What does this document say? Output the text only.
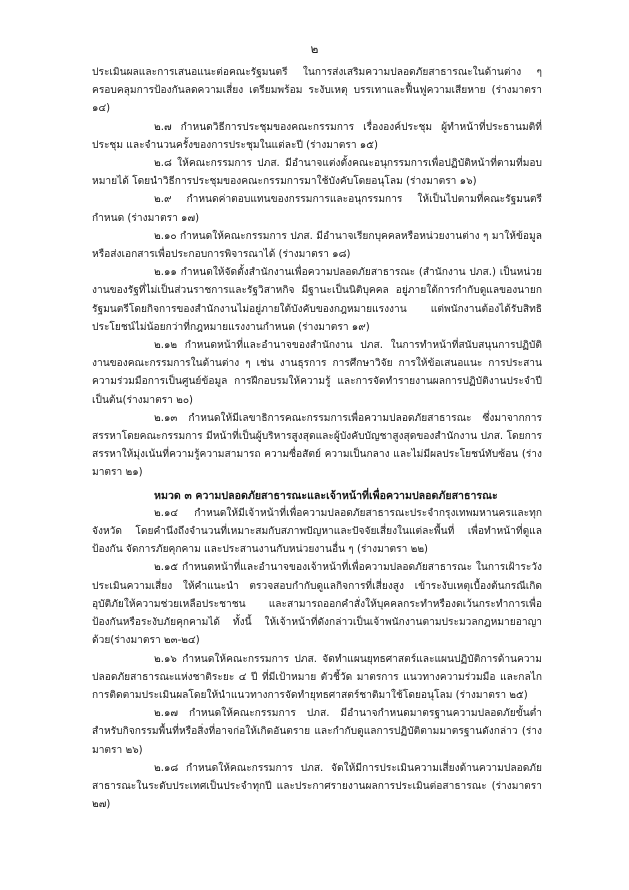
๒

ประเมินผลและการเสนอแนะต่อคณะรัฐมนตรี ในการส่งเสริมความปลอดภัยสาธารณะในด้านต่าง ๆ ครอบคลุมการป้องกันลดความเสี่ยง เตรียมพร้อม ระงับเหตุ บรรเทาและฟื้นฟูความเสียหาย (ร่างมาตรา ๑๔)

๒.๗ กำหนดวิธีการประชุมของคณะกรรมการ เรื่ององค์ประชุม ผู้ทำหน้าที่ประธานมติที่ประชุม และจำนวนครั้งของการประชุมในแต่ละปี (ร่างมาตรา ๑๕)

๒.๘ ให้คณะกรรมการ ปภส. มีอำนาจแต่งตั้งคณะอนุกรรมการเพื่อปฏิบัติหน้าที่ตามที่มอบหมายได้ โดยนำวิธีการประชุมของคณะกรรมการมาใช้บังคับโดยอนุโลม (ร่างมาตรา ๑๖)

๒.๙ กำหนดค่าตอบแทนของกรรมการและอนุกรรมการ ให้เป็นไปตามที่คณะรัฐมนตรีกำหนด (ร่างมาตรา ๑๗)

๒.๑๐ กำหนดให้คณะกรรมการ ปภส. มีอำนาจเรียกบุคคลหรือหน่วยงานต่าง ๆ มาให้ข้อมูลหรือส่งเอกสารเพื่อประกอบการพิจารณาได้ (ร่างมาตรา ๑๘)

๒.๑๑ กำหนดให้จัดตั้งสำนักงานเพื่อความปลอดภัยสาธารณะ (สำนักงาน ปภส.) เป็นหน่วยงานของรัฐที่ไม่เป็นส่วนราชการและรัฐวิสาหกิจ มีฐานะเป็นนิติบุคคล อยู่ภายใต้การกำกับดูแลของนายกรัฐมนตรีโดยกิจการของสำนักงานไม่อยู่ภายใต้บังคับของกฎหมายแรงงาน แต่พนักงานต้องได้รับสิทธิประโยชน์ไม่น้อยกว่าที่กฎหมายแรงงานกำหนด (ร่างมาตรา ๑๙)

๒.๑๒ กำหนดหน้าที่และอำนาจของสำนักงาน ปภส. ในการทำหน้าที่สนับสนุนการปฏิบัติงานของคณะกรรมการในด้านต่าง ๆ เช่น งานธุรการ การศึกษาวิจัย การให้ข้อเสนอแนะ การประสานความร่วมมือการเป็นศูนย์ข้อมูล การฝึกอบรมให้ความรู้ และการจัดทำรายงานผลการปฏิบัติงานประจำปี เป็นต้น(ร่างมาตรา ๒๐)

๒.๑๓ กำหนดให้มีเลขาธิการคณะกรรมการเพื่อความปลอดภัยสาธารณะ ซึ่งมาจากการสรรหาโดยคณะกรรมการ มีหน้าที่เป็นผู้บริหารสูงสุดและผู้บังคับบัญชาสูงสุดของสำนักงาน ปภส. โดยการสรรหาให้มุ่งเน้นที่ความรู้ความสามารถ ความซื่อสัตย์ ความเป็นกลาง และไม่มีผลประโยชน์ทับซ้อน (ร่างมาตรา ๒๑)

หมวด ๓ ความปลอดภัยสาธารณะและเจ้าหน้าที่เพื่อความปลอดภัยสาธารณะ

๒.๑๔ กำหนดให้มีเจ้าหน้าที่เพื่อความปลอดภัยสาธารณะประจำกรุงเทพมหานครและทุกจังหวัด โดยคำนึงถึงจำนวนที่เหมาะสมกับสภาพปัญหาและปัจจัยเสี่ยงในแต่ละพื้นที่ เพื่อทำหน้าที่ดูแล ป้องกัน จัดการภัยคุกคาม และประสานงานกับหน่วยงานอื่น ๆ (ร่างมาตรา ๒๒)

๒.๑๕ กำหนดหน้าที่และอำนาจของเจ้าหน้าที่เพื่อความปลอดภัยสาธารณะ ในการเฝ้าระวังประเมินความเสี่ยง ให้คำแนะนำ ตรวจสอบกำกับดูแลกิจการที่เสี่ยงสูง เข้าระงับเหตุเบื้องต้นกรณีเกิดอุบัติภัยให้ความช่วยเหลือประชาชน และสามารถออกคำสั่งให้บุคคลกระทำหรืองดเว้นกระทำการเพื่อป้องกันหรือระงับภัยคุกคามได้ ทั้งนี้ ให้เจ้าหน้าที่ดังกล่าวเป็นเจ้าพนักงานตามประมวลกฎหมายอาญาด้วย(ร่างมาตรา ๒๓-๒๔)

๒.๑๖ กำหนดให้คณะกรรมการ ปภส. จัดทำแผนยุทธศาสตร์และแผนปฏิบัติการด้านความปลอดภัยสาธารณะแห่งชาติระยะ ๔ ปี ที่มีเป้าหมาย ตัวชี้วัด มาตรการ แนวทางความร่วมมือ และกลไกการติดตามประเมินผลโดยให้นำแนวทางการจัดทำยุทธศาสตร์ชาติมาใช้โดยอนุโลม (ร่างมาตรา ๒๕)

๒.๑๗ กำหนดให้คณะกรรมการ ปภส. มีอำนาจกำหนดมาตรฐานความปลอดภัยขั้นต่ำ สำหรับกิจกรรมพื้นที่หรือสิ่งที่อาจก่อให้เกิดอันตราย และกำกับดูแลการปฏิบัติตามมาตรฐานดังกล่าว (ร่างมาตรา ๒๖)

๒.๑๘ กำหนดให้คณะกรรมการ ปภส. จัดให้มีการประเมินความเสี่ยงด้านความปลอดภัยสาธารณะในระดับประเทศเป็นประจำทุกปี และประกาศรายงานผลการประเมินต่อสาธารณะ (ร่างมาตรา ๒๗)
